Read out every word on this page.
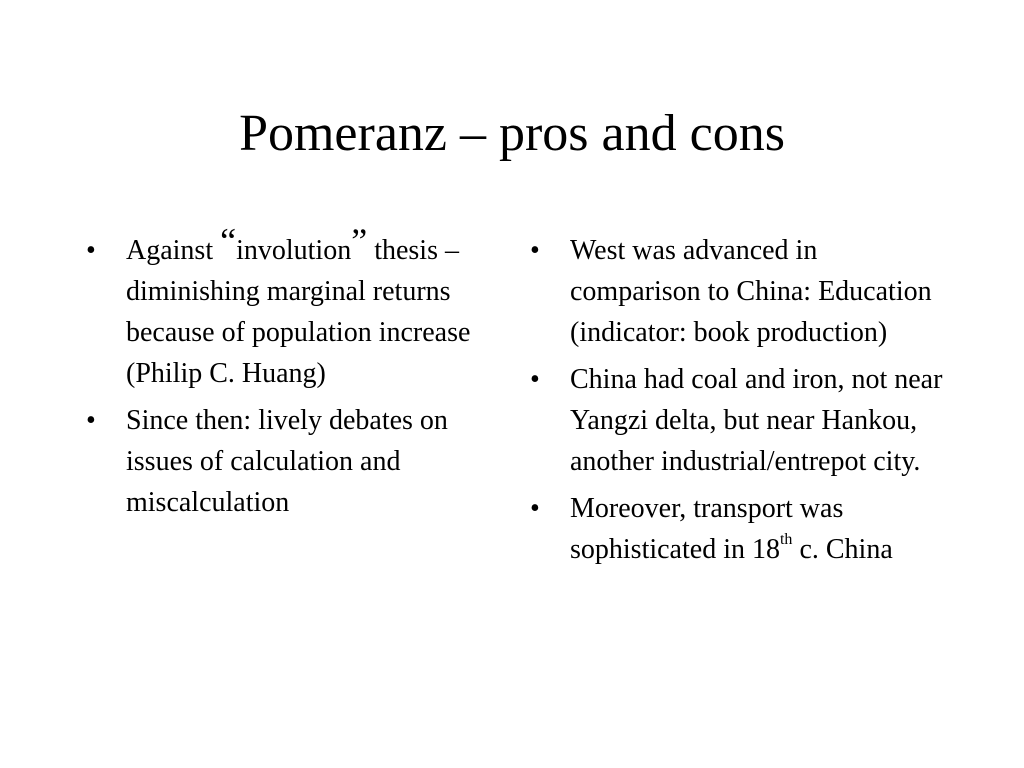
Pomeranz – pros and cons
•	Against “involution” thesis – diminishing marginal returns because of population increase (Philip C. Huang)
•	Since then: lively debates on issues of calculation and miscalculation
•	West was advanced in comparison to China: Education (indicator: book production)
•	China had coal and iron, not near Yangzi delta, but near Hankou, another industrial/entrepot city.
•	Moreover, transport was sophisticated in 18th c. China
